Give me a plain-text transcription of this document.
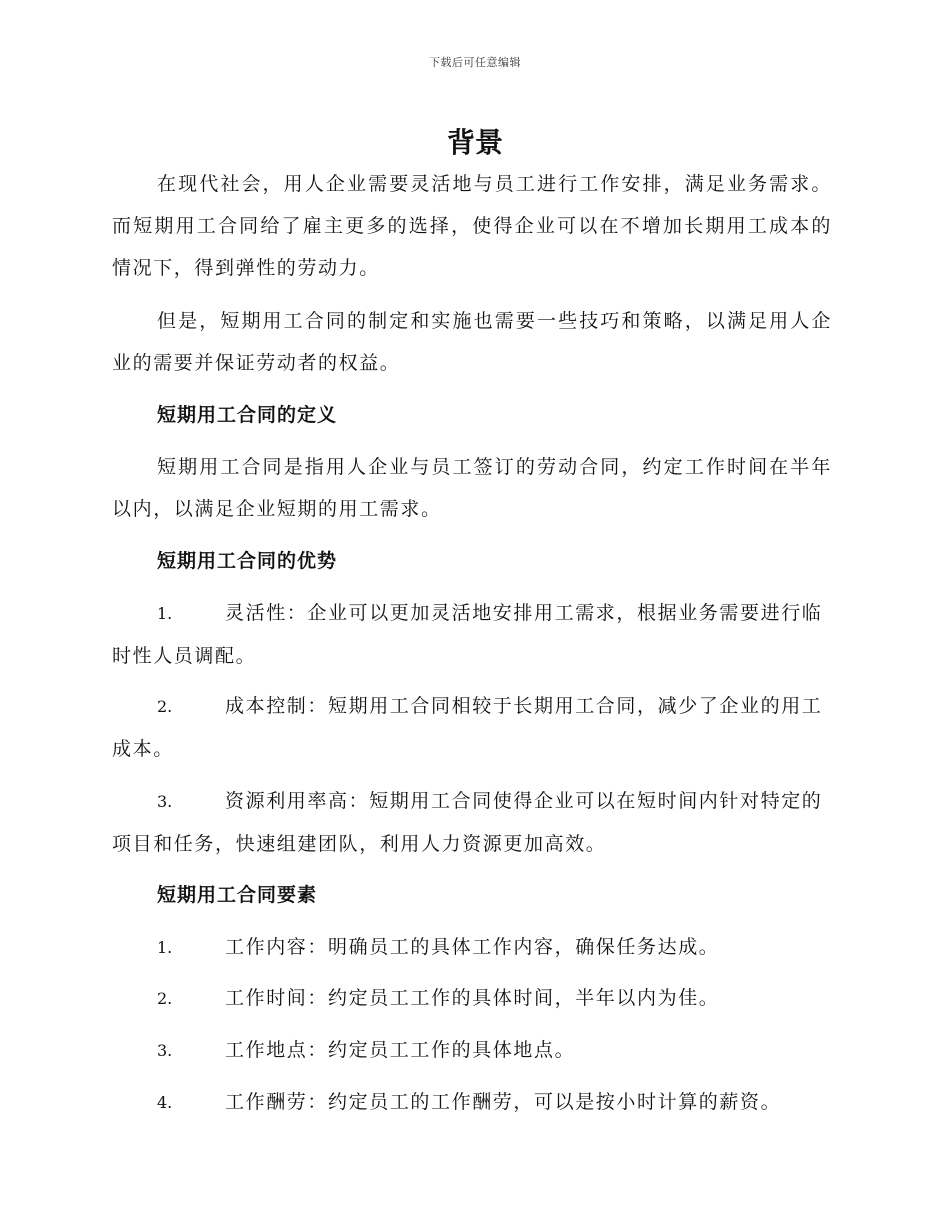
下载后可任意编辑
背景

在现代社会，用人企业需要灵活地与员工进行工作安排，满足业务需求。而短期用工合同给了雇主更多的选择，使得企业可以在不增加长期用工成本的情况下，得到弹性的劳动力。

但是，短期用工合同的制定和实施也需要一些技巧和策略，以满足用人企业的需要并保证劳动者的权益。

短期用工合同的定义

短期用工合同是指用人企业与员工签订的劳动合同，约定工作时间在半年以内，以满足企业短期的用工需求。

短期用工合同的优势

1.	灵活性：企业可以更加灵活地安排用工需求，根据业务需要进行临时性人员调配。

2.	成本控制：短期用工合同相较于长期用工合同，减少了企业的用工成本。

3.	资源利用率高：短期用工合同使得企业可以在短时间内针对特定的项目和任务，快速组建团队，利用人力资源更加高效。

短期用工合同要素

1.	工作内容：明确员工的具体工作内容，确保任务达成。

2.	工作时间：约定员工工作的具体时间，半年以内为佳。

3.	工作地点：约定员工工作的具体地点。

4.	工作酬劳：约定员工的工作酬劳，可以是按小时计算的薪资。
